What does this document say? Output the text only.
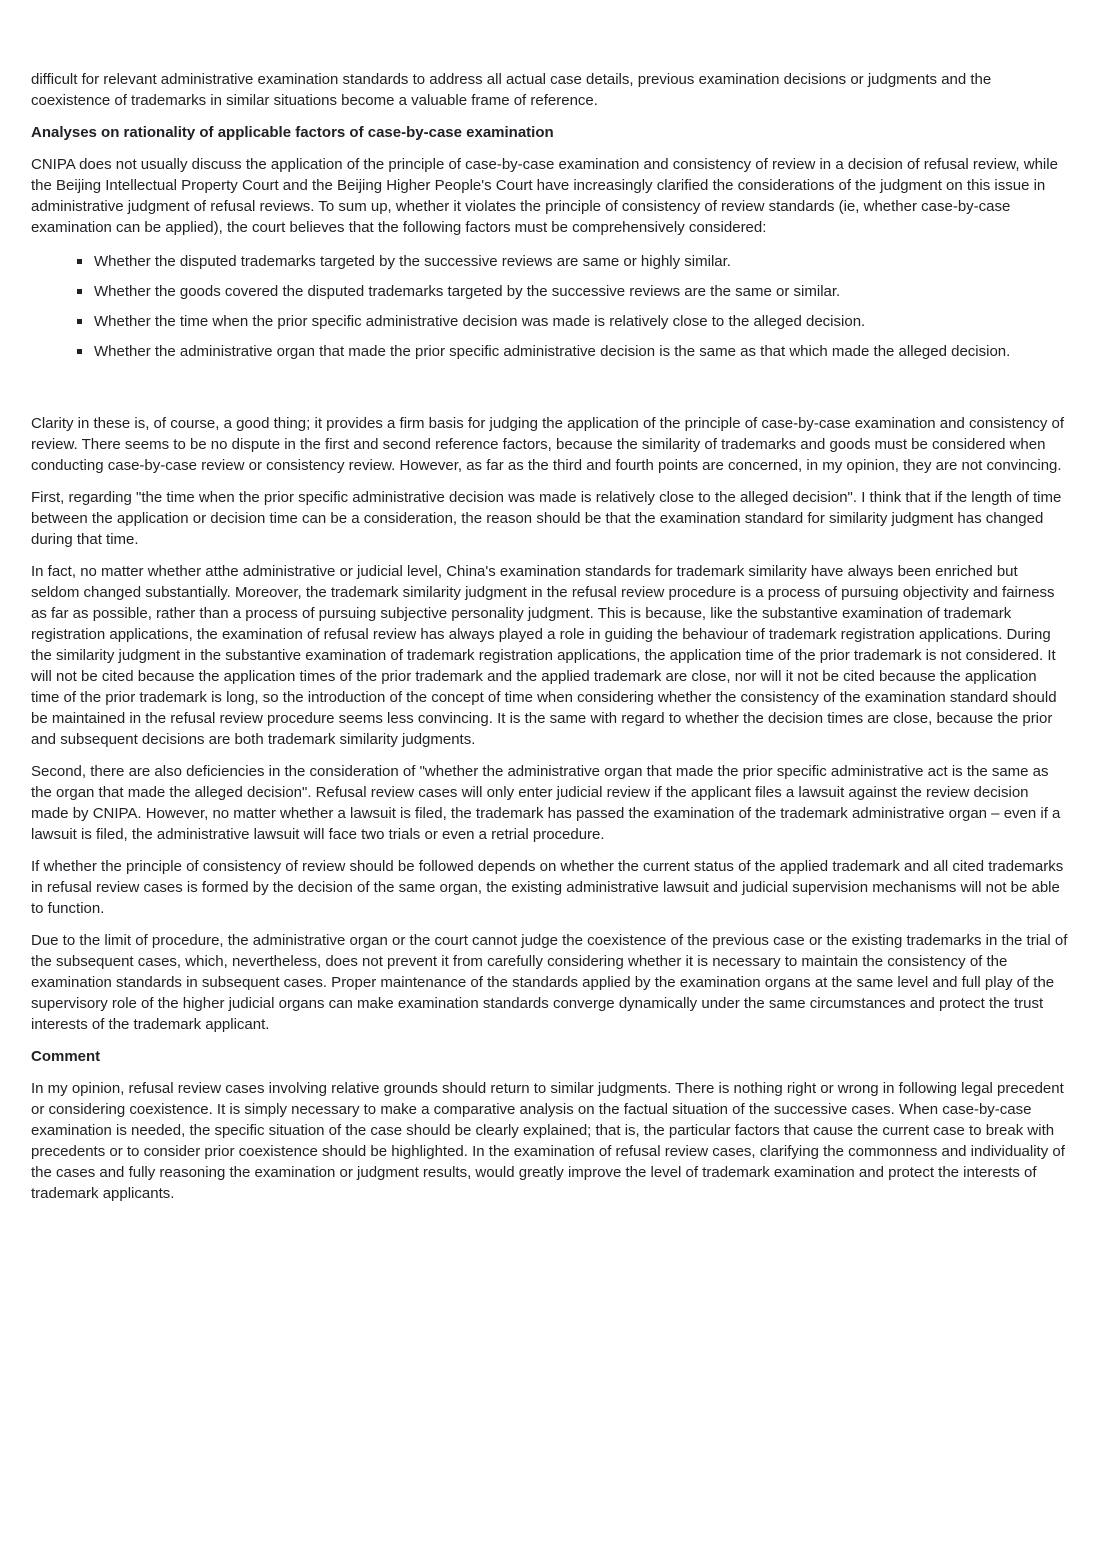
difficult for relevant administrative examination standards to address all actual case details, previous examination decisions or judgments and the coexistence of trademarks in similar situations become a valuable frame of reference.

Analyses on rationality of applicable factors of case-by-case examination

CNIPA does not usually discuss the application of the principle of case-by-case examination and consistency of review in a decision of refusal review, while the Beijing Intellectual Property Court and the Beijing Higher People's Court have increasingly clarified the considerations of the judgment on this issue in administrative judgment of refusal reviews. To sum up, whether it violates the principle of consistency of review standards (ie, whether case-by-case examination can be applied), the court believes that the following factors must be comprehensively considered:

Whether the disputed trademarks targeted by the successive reviews are same or highly similar.
Whether the goods covered the disputed trademarks targeted by the successive reviews are the same or similar.
Whether the time when the prior specific administrative decision was made is relatively close to the alleged decision.
Whether the administrative organ that made the prior specific administrative decision is the same as that which made the alleged decision.

Clarity in these is, of course, a good thing; it provides a firm basis for judging the application of the principle of case-by-case examination and consistency of review. There seems to be no dispute in the first and second reference factors, because the similarity of trademarks and goods must be considered when conducting case-by-case review or consistency review. However, as far as the third and fourth points are concerned, in my opinion, they are not convincing.

First, regarding "the time when the prior specific administrative decision was made is relatively close to the alleged decision". I think that if the length of time between the application or decision time can be a consideration, the reason should be that the examination standard for similarity judgment has changed during that time.

In fact, no matter whether atthe administrative or judicial level, China's examination standards for trademark similarity have always been enriched but seldom changed substantially. Moreover, the trademark similarity judgment in the refusal review procedure is a process of pursuing objectivity and fairness as far as possible, rather than a process of pursuing subjective personality judgment. This is because, like the substantive examination of trademark registration applications, the examination of refusal review has always played a role in guiding the behaviour of trademark registration applications. During the similarity judgment in the substantive examination of trademark registration applications, the application time of the prior trademark is not considered. It will not be cited because the application times of the prior trademark and the applied trademark are close, nor will it not be cited because the application time of the prior trademark is long, so the introduction of the concept of time when considering whether the consistency of the examination standard should be maintained in the refusal review procedure seems less convincing. It is the same with regard to whether the decision times are close, because the prior and subsequent decisions are both trademark similarity judgments.

Second, there are also deficiencies in the consideration of "whether the administrative organ that made the prior specific administrative act is the same as the organ that made the alleged decision". Refusal review cases will only enter judicial review if the applicant files a lawsuit against the review decision made by CNIPA. However, no matter whether a lawsuit is filed, the trademark has passed the examination of the trademark administrative organ – even if a lawsuit is filed, the administrative lawsuit will face two trials or even a retrial procedure.

If whether the principle of consistency of review should be followed depends on whether the current status of the applied trademark and all cited trademarks in refusal review cases is formed by the decision of the same organ, the existing administrative lawsuit and judicial supervision mechanisms will not be able to function.

Due to the limit of procedure, the administrative organ or the court cannot judge the coexistence of the previous case or the existing trademarks in the trial of the subsequent cases, which, nevertheless, does not prevent it from carefully considering whether it is necessary to maintain the consistency of the examination standards in subsequent cases. Proper maintenance of the standards applied by the examination organs at the same level and full play of the supervisory role of the higher judicial organs can make examination standards converge dynamically under the same circumstances and protect the trust interests of the trademark applicant.

Comment

In my opinion, refusal review cases involving relative grounds should return to similar judgments. There is nothing right or wrong in following legal precedent or considering coexistence. It is simply necessary to make a comparative analysis on the factual situation of the successive cases. When case-by-case examination is needed, the specific situation of the case should be clearly explained; that is, the particular factors that cause the current case to break with precedents or to consider prior coexistence should be highlighted. In the examination of refusal review cases, clarifying the commonness and individuality of the cases and fully reasoning the examination or judgment results, would greatly improve the level of trademark examination and protect the interests of trademark applicants.
